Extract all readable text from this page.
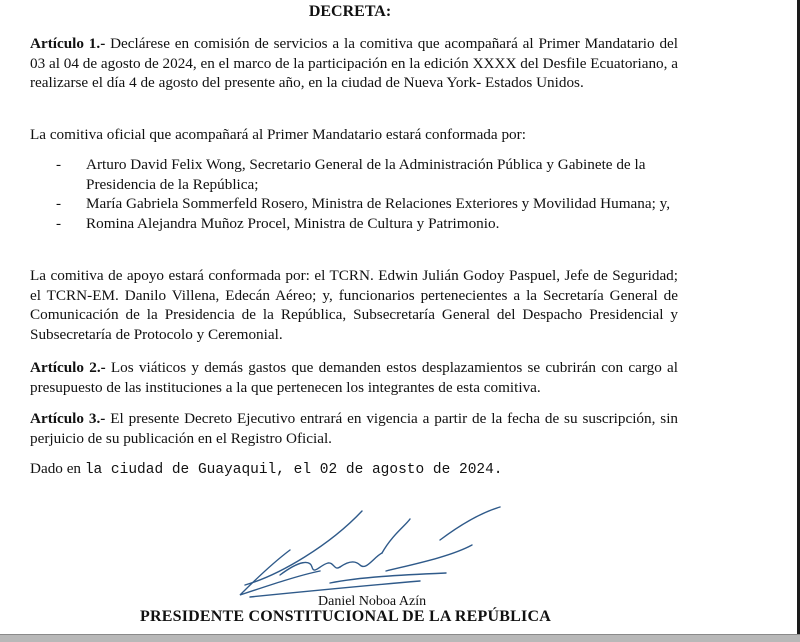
DECRETA:

Artículo 1.- Declárese en comisión de servicios a la comitiva que acompañará al Primer Mandatario del 03 al 04 de agosto de 2024, en el marco de la participación en la edición XXXX del Desfile Ecuatoriano, a realizarse el día 4 de agosto del presente año, en la ciudad de Nueva York- Estados Unidos.

La comitiva oficial que acompañará al Primer Mandatario estará conformada por:

- Arturo David Felix Wong, Secretario General de la Administración Pública y Gabinete de la Presidencia de la República;
- María Gabriela Sommerfeld Rosero, Ministra de Relaciones Exteriores y Movilidad Humana; y,
- Romina Alejandra Muñoz Procel, Ministra de Cultura y Patrimonio.

La comitiva de apoyo estará conformada por: el TCRN. Edwin Julián Godoy Paspuel, Jefe de Seguridad; el TCRN-EM. Danilo Villena, Edecán Aéreo; y, funcionarios pertenecientes a la Secretaría General de Comunicación de la Presidencia de la República, Subsecretaría General del Despacho Presidencial y Subsecretaría de Protocolo y Ceremonial.

Artículo 2.- Los viáticos y demás gastos que demanden estos desplazamientos se cubrirán con cargo al presupuesto de las instituciones a la que pertenecen los integrantes de esta comitiva.

Artículo 3.- El presente Decreto Ejecutivo entrará en vigencia a partir de la fecha de su suscripción, sin perjuicio de su publicación en el Registro Oficial.

Dado en la ciudad de Guayaquil, el 02 de agosto de 2024.

Daniel Noboa Azín
PRESIDENTE CONSTITUCIONAL DE LA REPÚBLICA
